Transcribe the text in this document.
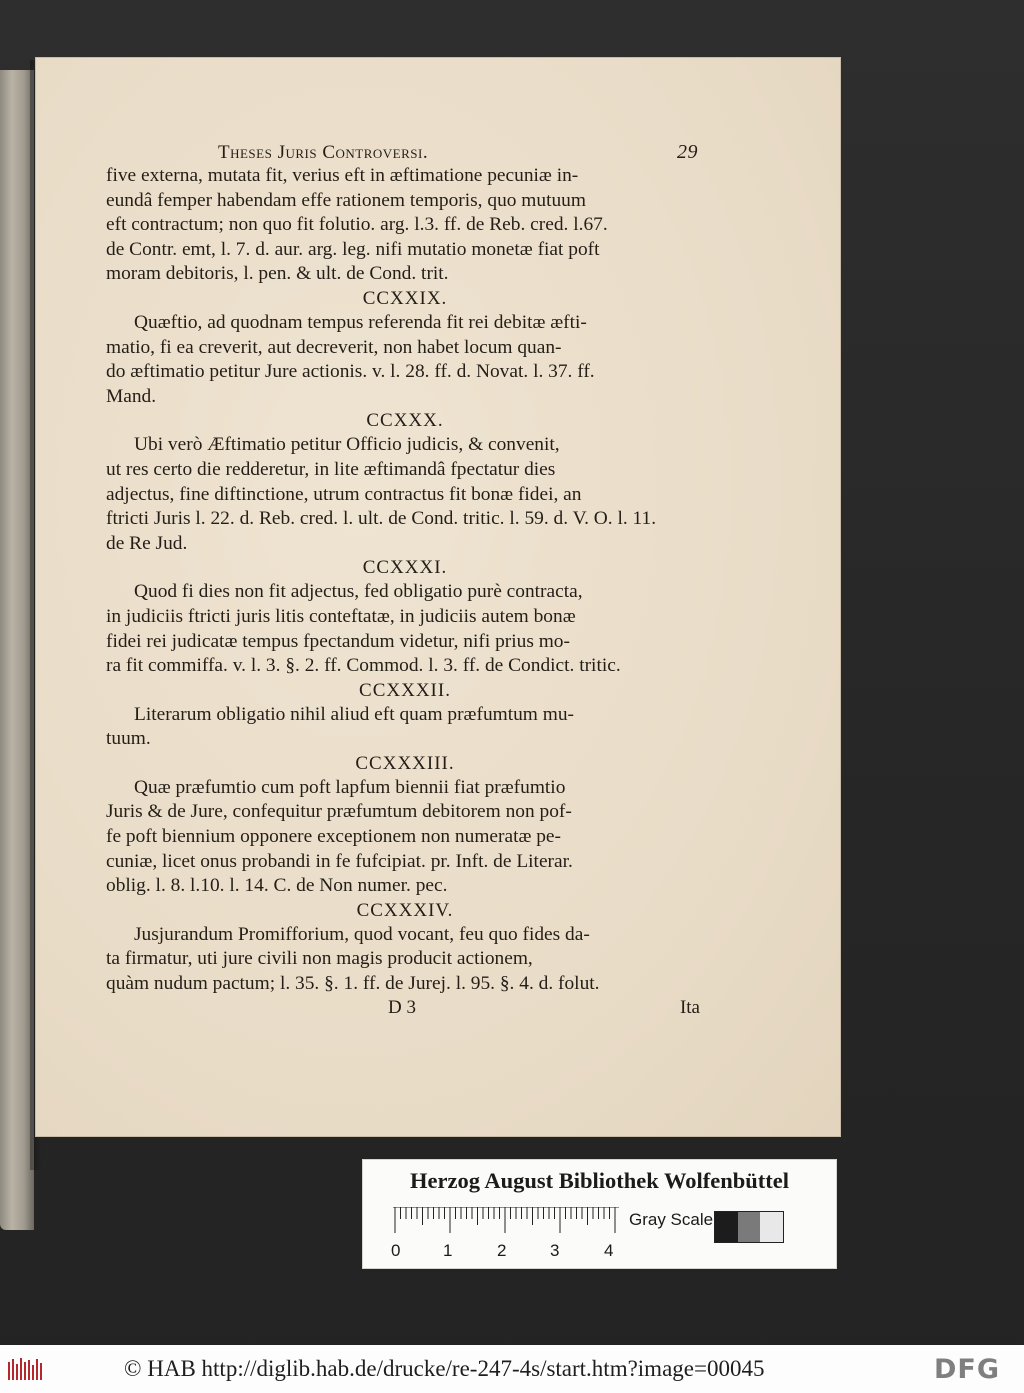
Theses Juris Controversi.	29
five externa, mutata fit, verius eft in æftimatione pecuniæ in-
eundâ femper habendam effe rationem temporis, quo mutuum
eft contractum; non quo fit folutio. arg. l.3. ff. de Reb. cred. l.67.
de Contr. emt, l. 7. d. aur. arg. leg. nifi mutatio monetæ fiat poft
moram debitoris, l. pen. & ult. de Cond. trit.
CCXXIX.
Quæftio, ad quodnam tempus referenda fit rei debitæ æfti-
matio, fi ea creverit, aut decreverit, non habet locum quan-
do æftimatio petitur Jure actionis. v. l. 28. ff. d. Novat. l. 37. ff.
Mand.
CCXXX.
Ubi verò Æftimatio petitur Officio judicis, & convenit,
ut res certo die redderetur, in lite æftimandâ fpectatur dies
adjectus, fine diftinctione, utrum contractus fit bonæ fidei, an
ftricti Juris l. 22. d. Reb. cred. l. ult. de Cond. tritic. l. 59. d. V. O. l. 11.
de Re Jud.
CCXXXI.
Quod fi dies non fit adjectus, fed obligatio purè contracta,
in judiciis ftricti juris litis conteftatæ, in judiciis autem bonæ
fidei rei judicatæ tempus fpectandum videtur, nifi prius mo-
ra fit commiffa. v. l. 3. §. 2. ff. Commod. l. 3. ff. de Condict. tritic.
CCXXXII.
Literarum obligatio nihil aliud eft quam præfumtum mu-
tuum.
CCXXXIII.
Quæ præfumtio cum poft lapfum biennii fiat præfumtio
Juris & de Jure, confequitur præfumtum debitorem non pof-
fe poft biennium opponere exceptionem non numeratæ pe-
cuniæ, licet onus probandi in fe fufcipiat. pr. Inft. de Literar.
oblig. l. 8. l.10. l. 14. C. de Non numer. pec.
CCXXXIV.
Jusjurandum Promifforium, quod vocant, feu quo fides da-
ta firmatur, uti jure civili non magis producit actionem,
quàm nudum pactum; l. 35. §. 1. ff. de Jurej. l. 95. §. 4. d. folut.
D 3	Ita
Herzog August Bibliothek Wolfenbüttel
0	1	2	3	4
Gray Scale
© HAB http://diglib.hab.de/drucke/re-247-4s/start.htm?image=00045	DFG
